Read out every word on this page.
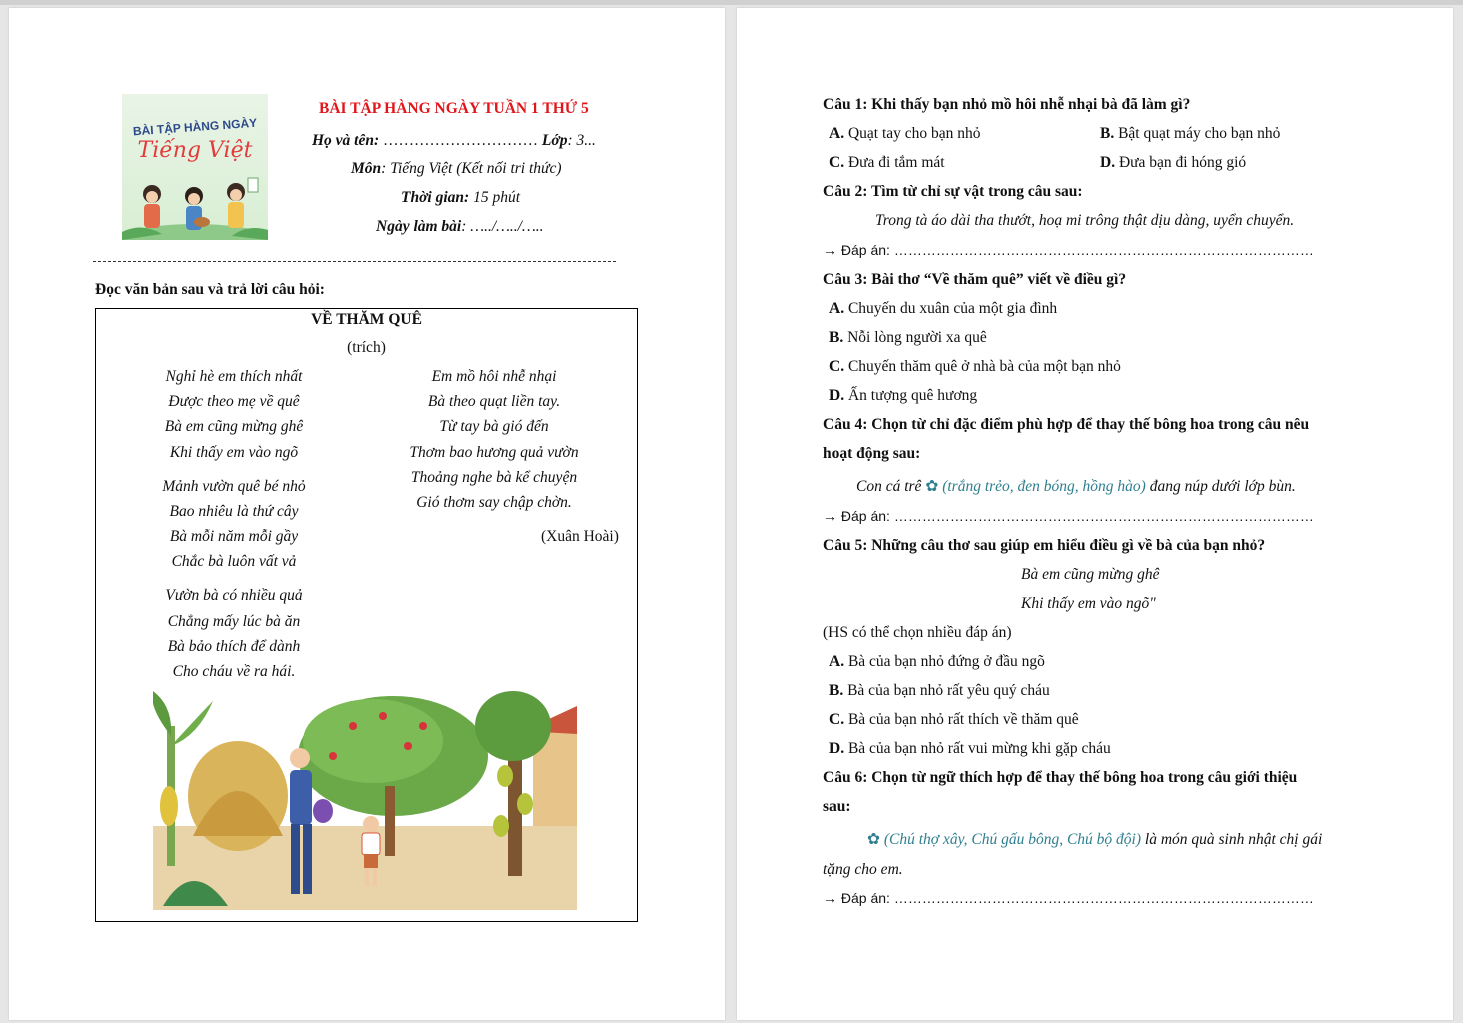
BÀI TẬP HÀNG NGÀY
Tiếng Việt
BÀI TẬP HÀNG NGÀY TUẦN 1 THỨ 5
Họ và tên: ………………………… Lớp: 3...
Môn: Tiếng Việt (Kết nối tri thức)
Thời gian: 15 phút
Ngày làm bài: …../…../…..
Đọc văn bản sau và trả lời câu hỏi:
VỀ THĂM QUÊ
(trích)
Nghỉ hè em thích nhất
Được theo mẹ về quê
Bà em cũng mừng ghê
Khi thấy em vào ngõ
Mảnh vườn quê bé nhỏ
Bao nhiêu là thứ cây
Bà mỗi năm mỗi gầy
Chắc bà luôn vất vả
Vườn bà có nhiều quả
Chẳng mấy lúc bà ăn
Bà bảo thích để dành
Cho cháu về ra hái.
Em mồ hôi nhễ nhại
Bà theo quạt liền tay.
Từ tay bà gió đến
Thơm bao hương quả vườn
Thoảng nghe bà kể chuyện
Gió thơm say chập chờn.
(Xuân Hoài)
Câu 1: Khi thấy bạn nhỏ mồ hôi nhễ nhại bà đã làm gì?
A. Quạt tay cho bạn nhỏ	B. Bật quạt máy cho bạn nhỏ
C. Đưa đi tắm mát	D. Đưa bạn đi hóng gió
Câu 2: Tìm từ chỉ sự vật trong câu sau:
Trong tà áo dài tha thướt, hoạ mi trông thật dịu dàng, uyển chuyển.
→ Đáp án: ………………………………………………………………………………
Câu 3: Bài thơ “Về thăm quê” viết về điều gì?
A. Chuyến du xuân của một gia đình
B. Nỗi lòng người xa quê
C. Chuyến thăm quê ở nhà bà của một bạn nhỏ
D. Ấn tượng quê hương
Câu 4: Chọn từ chỉ đặc điểm phù hợp để thay thế bông hoa trong câu nêu
hoạt động sau:
Con cá trê ✿ (trắng trẻo, đen bóng, hồng hào) đang núp dưới lớp bùn.
→ Đáp án: ………………………………………………………………………………
Câu 5: Những câu thơ sau giúp em hiểu điều gì về bà của bạn nhỏ?
Bà em cũng mừng ghê
Khi thấy em vào ngõ"
(HS có thể chọn nhiều đáp án)
A. Bà của bạn nhỏ đứng ở đầu ngõ
B. Bà của bạn nhỏ rất yêu quý cháu
C. Bà của bạn nhỏ rất thích về thăm quê
D. Bà của bạn nhỏ rất vui mừng khi gặp cháu
Câu 6: Chọn từ ngữ thích hợp để thay thế bông hoa trong câu giới thiệu
sau:
✿ (Chú thợ xây, Chú gấu bông, Chú bộ đội) là món quà sinh nhật chị gái
tặng cho em.
→ Đáp án: ………………………………………………………………………………
